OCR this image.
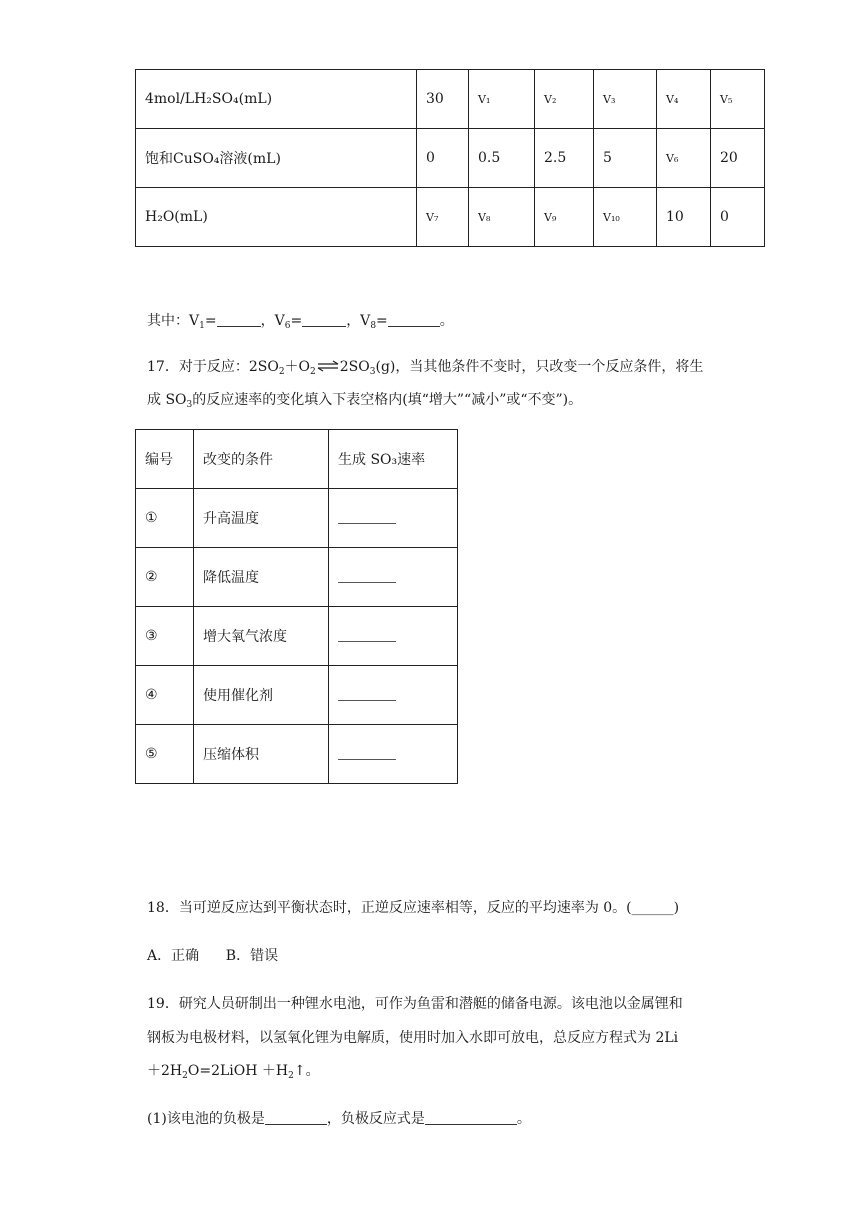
4mol/LH₂SO₄(mL)	30	V₁	V₂	V₃	V₄	V₅
饱和CuSO₄溶液(mL)	0	0.5	2.5	5	V₆	20
H₂O(mL)	V₇	V₈	V₉	V₁₀	10	0
其中：$V_1=$	，$V_6=$	，$V_8=$	。
17．对于反应：$2SO_2+O_2\rightleftharpoons 2SO_3(g)$，当其他条件不变时，只改变一个反应条件，将生
成 $SO_3$的反应速率的变化填入下表空格内(填“增大”“减小”或“不变”)。
编号	改变的条件	生成 SO₃速率
①	升高温度	
②	降低温度	
③	增大氧气浓度	
④	使用催化剂	
⑤	压缩体积	
18．当可逆反应达到平衡状态时，正逆反应速率相等，反应的平均速率为 0。(______)
A．正确      B．错误
19．研究人员研制出一种锂水电池，可作为鱼雷和潜艇的储备电源。该电池以金属锂和
钢板为电极材料，以氢氧化锂为电解质，使用时加入水即可放电，总反应方程式为 2Li
$+2H_2O=2LiOH$ $+H_2↑$。
(1)该电池的负极是	，负极反应式是	。
